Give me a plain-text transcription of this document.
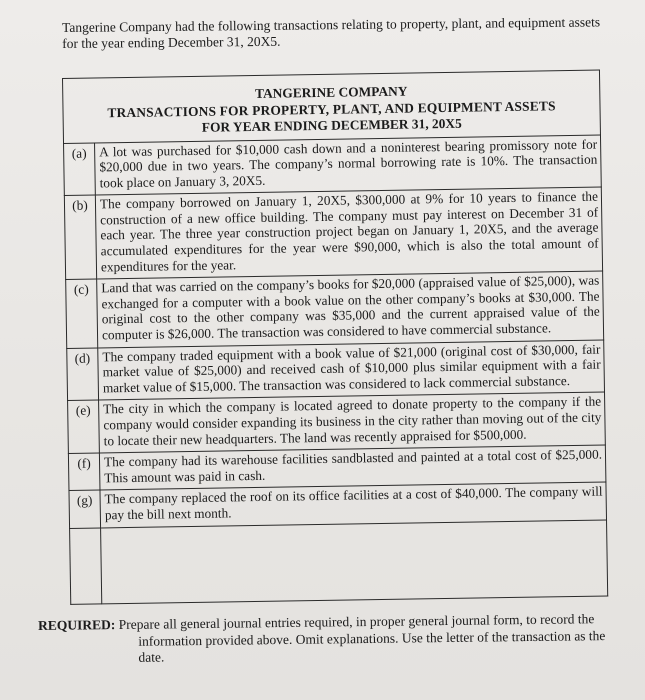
Tangerine Company had the following transactions relating to property, plant, and equipment assets for the year ending December 31, 20X5.

TANGERINE COMPANY
TRANSACTIONS FOR PROPERTY, PLANT, AND EQUIPMENT ASSETS
FOR YEAR ENDING DECEMBER 31, 20X5	

(a)	A lot was purchased for $10,000 cash down and a noninterest bearing promissory note for $20,000 due in two years. The company’s normal borrowing rate is 10%. The transaction took place on January 3, 20X5.
(b)	The company borrowed on January 1, 20X5, $300,000 at 9% for 10 years to finance the construction of a new office building. The company must pay interest on December 31 of each year. The three year construction project began on January 1, 20X5, and the average accumulated expenditures for the year were $90,000, which is also the total amount of expenditures for the year.
(c)	Land that was carried on the company’s books for $20,000 (appraised value of $25,000), was exchanged for a computer with a book value on the other company’s books at $30,000. The original cost to the other company was $35,000 and the current appraised value of the computer is $26,000. The transaction was considered to have commercial substance.
(d)	The company traded equipment with a book value of $21,000 (original cost of $30,000, fair market value of $25,000) and received cash of $10,000 plus similar equipment with a fair market value of $15,000. The transaction was considered to lack commercial substance.
(e)	The city in which the company is located agreed to donate property to the company if the company would consider expanding its business in the city rather than moving out of the city to locate their new headquarters. The land was recently appraised for $500,000.
(f)	The company had its warehouse facilities sandblasted and painted at a total cost of $25,000. This amount was paid in cash.
(g)	The company replaced the roof on its office facilities at a cost of $40,000. The company will pay the bill next month.

REQUIRED: Prepare all general journal entries required, in proper general journal form, to record the information provided above. Omit explanations. Use the letter of the transaction as the date.
